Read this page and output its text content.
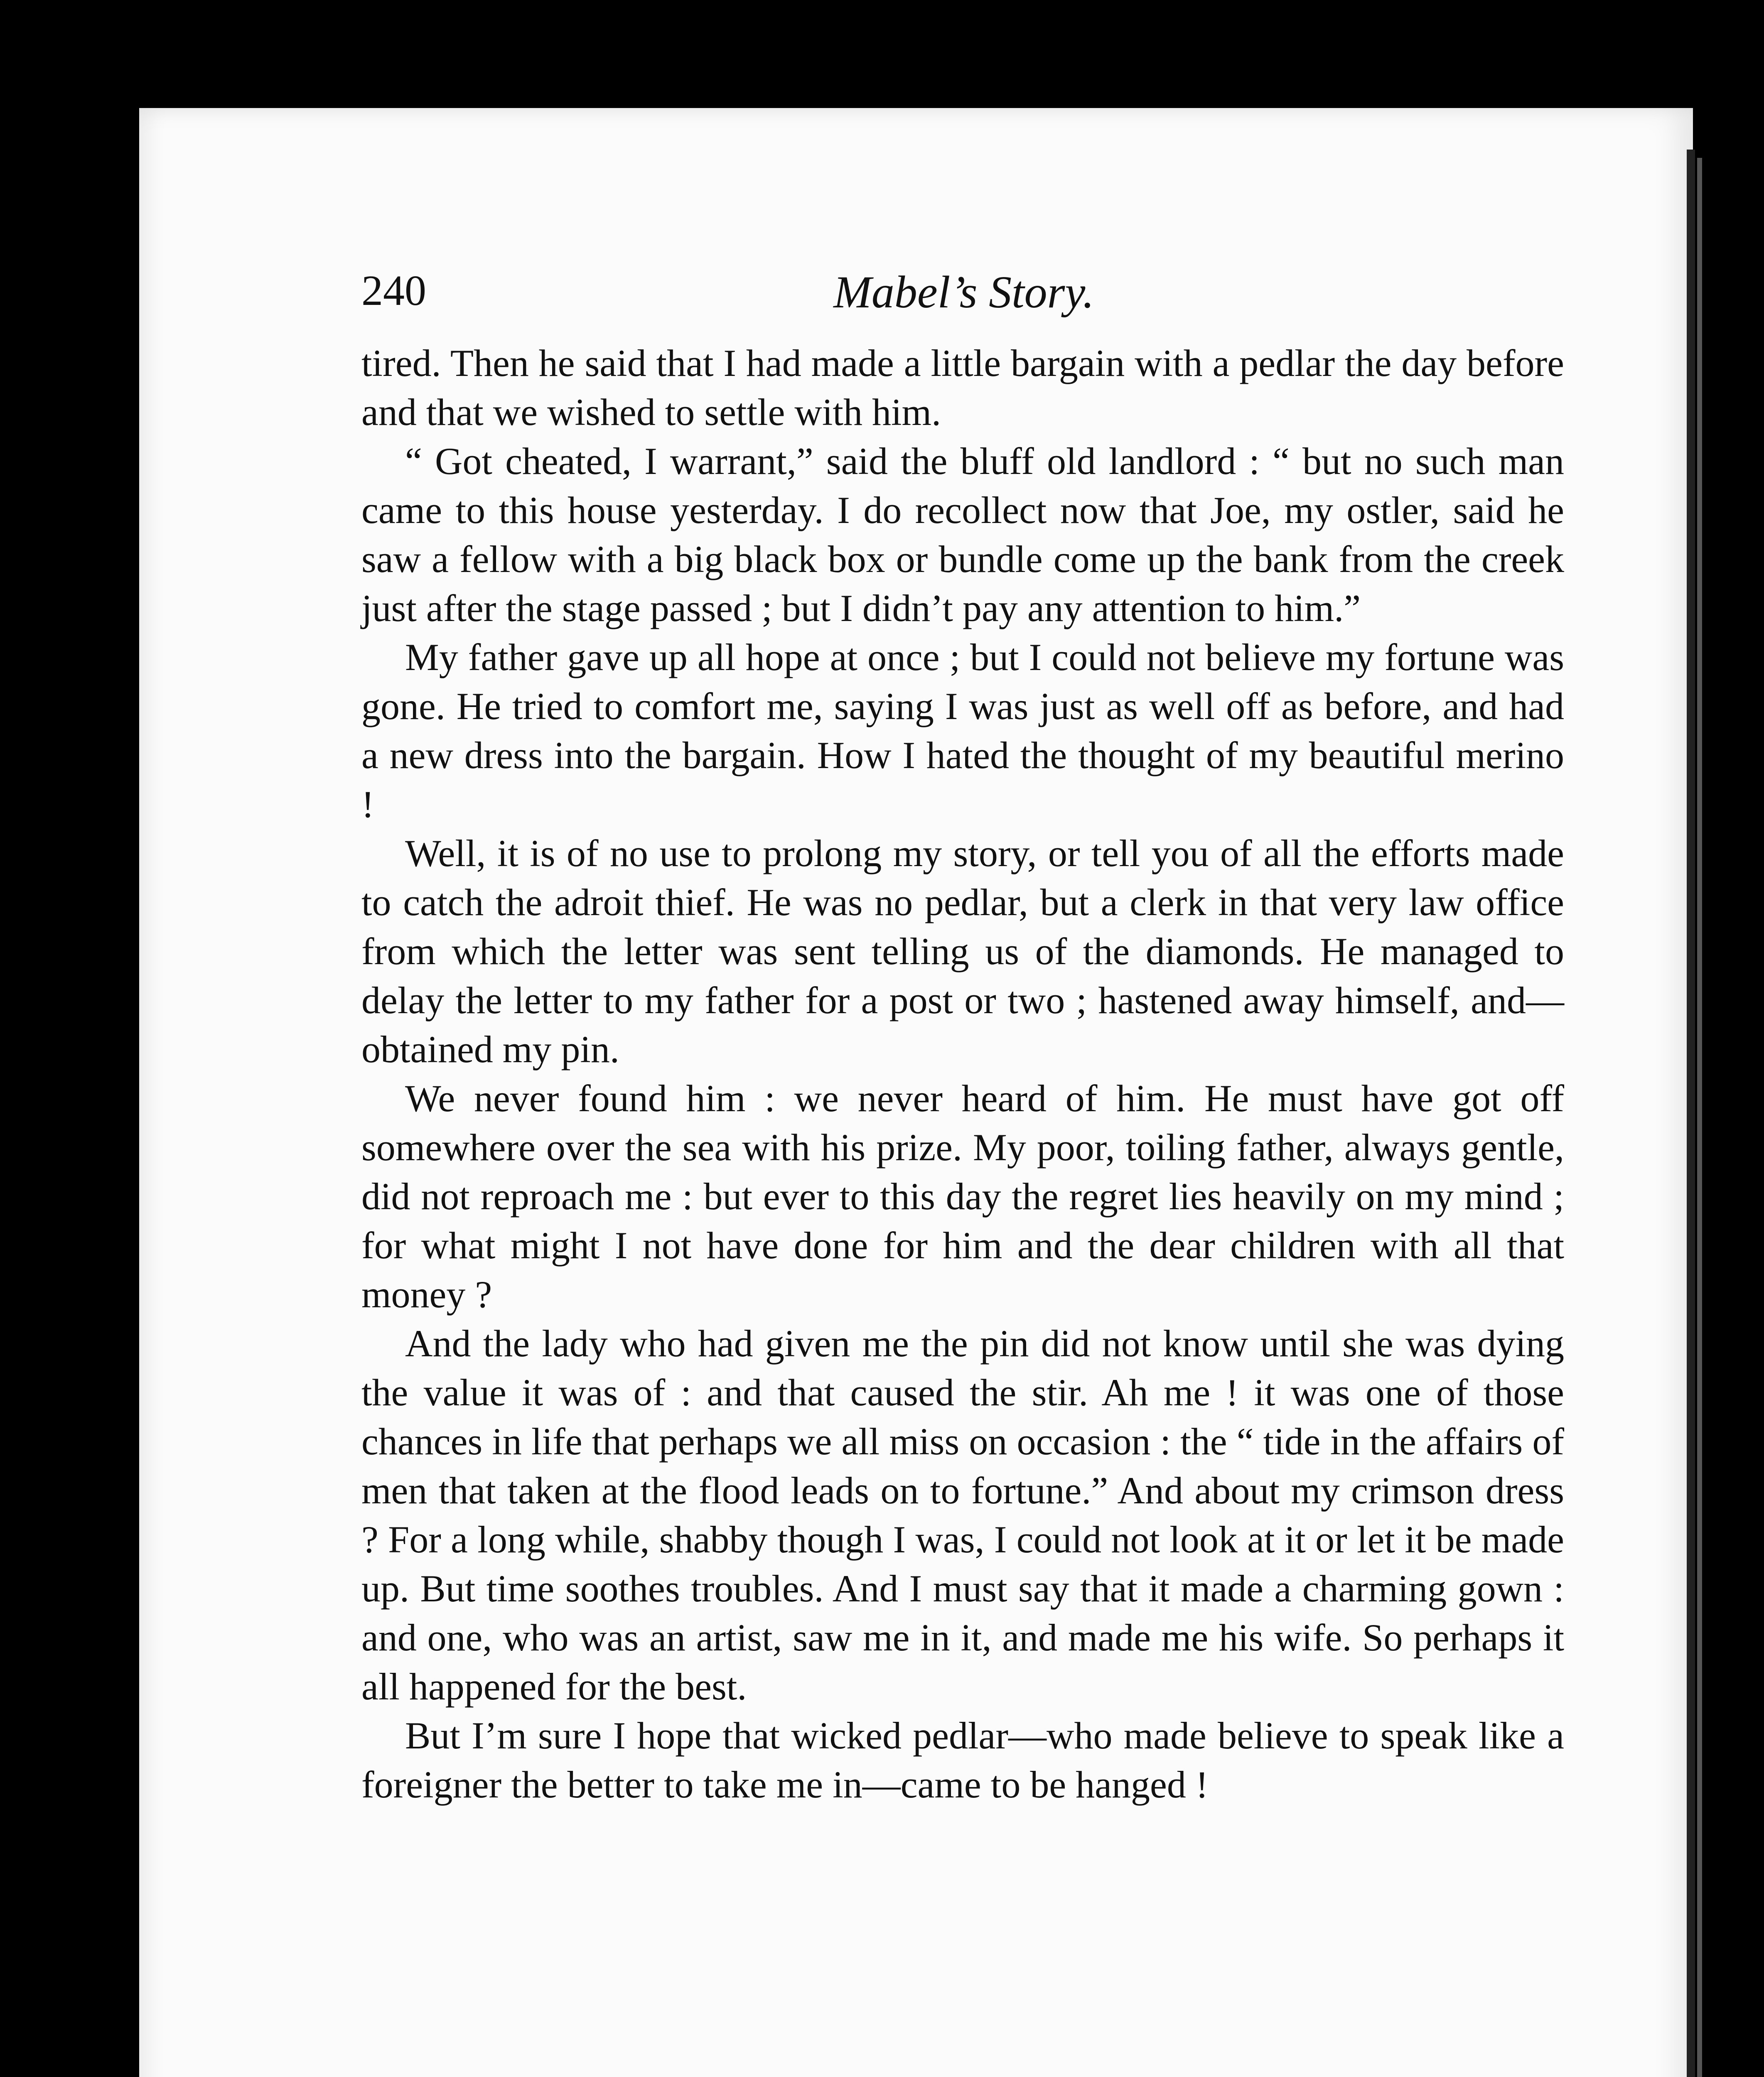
240	Mabel’s Story.

tired. Then he said that I had made a little bargain with a pedlar the day before and that we wished to settle with him.

“ Got cheated, I warrant,” said the bluff old landlord : “ but no such man came to this house yesterday. I do recollect now that Joe, my ostler, said he saw a fellow with a big black box or bundle come up the bank from the creek just after the stage passed ; but I didn’t pay any attention to him.”

My father gave up all hope at once ; but I could not believe my fortune was gone. He tried to comfort me, saying I was just as well off as before, and had a new dress into the bargain. How I hated the thought of my beautiful merino !

Well, it is of no use to prolong my story, or tell you of all the efforts made to catch the adroit thief. He was no pedlar, but a clerk in that very law office from which the letter was sent telling us of the diamonds. He managed to delay the letter to my father for a post or two ; hastened away himself, and—obtained my pin.

We never found him : we never heard of him. He must have got off somewhere over the sea with his prize. My poor, toiling father, always gentle, did not reproach me : but ever to this day the regret lies heavily on my mind ; for what might I not have done for him and the dear children with all that money ?

And the lady who had given me the pin did not know until she was dying the value it was of : and that caused the stir. Ah me ! it was one of those chances in life that perhaps we all miss on occasion : the “ tide in the affairs of men that taken at the flood leads on to fortune.” And about my crimson dress ? For a long while, shabby though I was, I could not look at it or let it be made up. But time soothes troubles. And I must say that it made a charming gown : and one, who was an artist, saw me in it, and made me his wife. So perhaps it all happened for the best.

But I’m sure I hope that wicked pedlar—who made believe to speak like a foreigner the better to take me in—came to be hanged !
